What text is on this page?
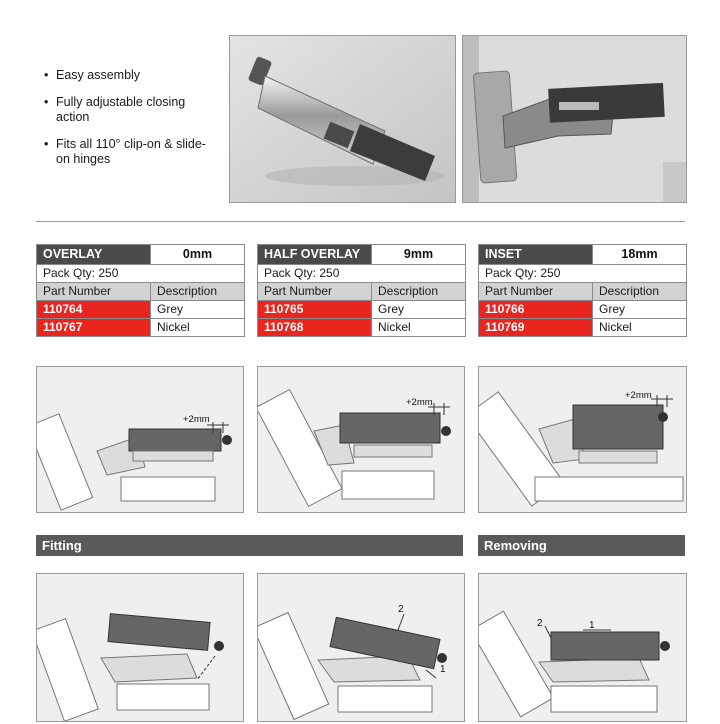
• Easy assembly
• Fully adjustable closing action
• Fits all 110° clip-on & slide-on hinges
OVERLAY	0mm
Pack Qty: 250	
Part Number	Description
110764	Grey
110767	Nickel
HALF OVERLAY	9mm
Pack Qty: 250	
Part Number	Description
110765	Grey
110768	Nickel
INSET	18mm
Pack Qty: 250	
Part Number	Description
110766	Grey
110769	Nickel
+2mm
+2mm
+2mm
Fitting	Removing
2
1
1
2
